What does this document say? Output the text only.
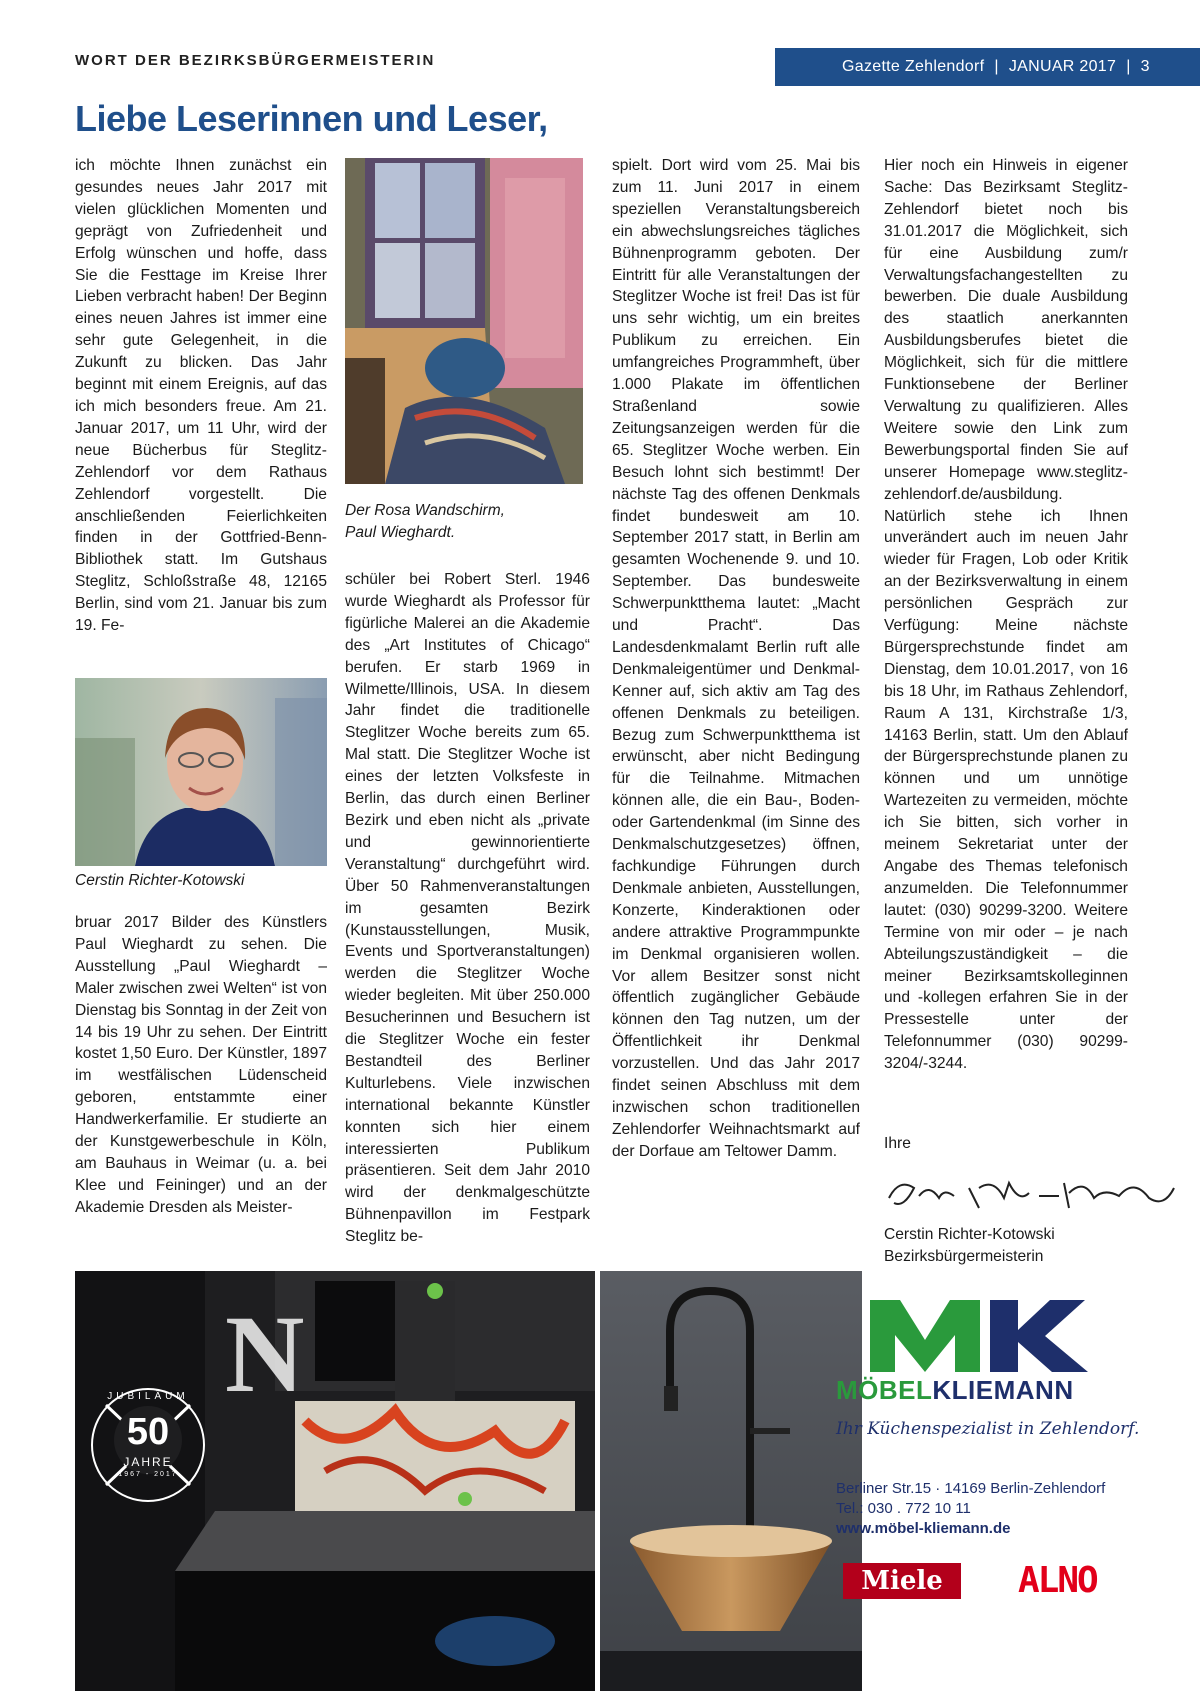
WORT DER BEZIRKSBÜRGERMEISTERIN	Gazette Zehlendorf | JANUAR 2017 | 3
Liebe Leserinnen und Leser,

ich möchte Ihnen zunächst ein gesundes neues Jahr 2017 mit vielen glücklichen Momenten und geprägt von Zufriedenheit und Erfolg wünschen und hoffe, dass Sie die Festtage im Kreise Ihrer Lieben verbracht haben! Der Beginn eines neuen Jahres ist immer eine sehr gute Gelegenheit, in die Zukunft zu blicken. Das Jahr beginnt mit einem Ereignis, auf das ich mich besonders freue. Am 21. Januar 2017, um 11 Uhr, wird der neue Bücherbus für Steglitz-Zehlendorf vor dem Rathaus Zehlendorf vorgestellt. Die anschließenden Feierlichkeiten finden in der Gottfried-Benn-Bibliothek statt. Im Gutshaus Steglitz, Schloßstraße 48, 12165 Berlin, sind vom 21. Januar bis zum 19. Fe-

Cerstin Richter-Kotowski

bruar 2017 Bilder des Künstlers Paul Wieghardt zu sehen. Die Ausstellung „Paul Wieghardt – Maler zwischen zwei Welten“ ist von Dienstag bis Sonntag in der Zeit von 14 bis 19 Uhr zu sehen. Der Eintritt kostet 1,50 Euro. Der Künstler, 1897 im westfälischen Lüdenscheid geboren, entstammte einer Handwerkerfamilie. Er studierte an der Kunstgewerbeschule in Köln, am Bauhaus in Weimar (u. a. bei Klee und Feininger) und an der Akademie Dresden als Meister-

Der Rosa Wandschirm,
Paul Wieghardt.

schüler bei Robert Sterl. 1946 wurde Wieghardt als Professor für figürliche Malerei an die Akademie des „Art Institutes of Chicago“ berufen. Er starb 1969 in Wilmette/Illinois, USA. In diesem Jahr findet die traditionelle Steglitzer Woche bereits zum 65. Mal statt. Die Steglitzer Woche ist eines der letzten Volksfeste in Berlin, das durch einen Berliner Bezirk und eben nicht als „private und gewinnorientierte Veranstaltung“ durchgeführt wird. Über 50 Rahmenveranstaltungen im gesamten Bezirk (Kunstausstellungen, Musik, Events und Sportveranstaltungen) werden die Steglitzer Woche wieder begleiten. Mit über 250.000 Besucherinnen und Besuchern ist die Steglitzer Woche ein fester Bestandteil des Berliner Kulturlebens. Viele inzwischen international bekannte Künstler konnten sich hier einem interessierten Publikum präsentieren. Seit dem Jahr 2010 wird der denkmalgeschützte Bühnenpavillon im Festpark Steglitz be-

spielt. Dort wird vom 25. Mai bis zum 11. Juni 2017 in einem speziellen Veranstaltungsbereich ein abwechslungsreiches tägliches Bühnenprogramm geboten. Der Eintritt für alle Veranstaltungen der Steglitzer Woche ist frei! Das ist für uns sehr wichtig, um ein breites Publikum zu erreichen. Ein umfangreiches Programmheft, über 1.000 Plakate im öffentlichen Straßenland sowie Zeitungsanzeigen werden für die 65. Steglitzer Woche werben. Ein Besuch lohnt sich bestimmt! Der nächste Tag des offenen Denkmals findet bundesweit am 10. September 2017 statt, in Berlin am gesamten Wochenende 9. und 10. September. Das bundesweite Schwerpunktthema lautet: „Macht und Pracht“. Das Landesdenkmalamt Berlin ruft alle Denkmaleigentümer und Denkmal-Kenner auf, sich aktiv am Tag des offenen Denkmals zu beteiligen. Bezug zum Schwerpunktthema ist erwünscht, aber nicht Bedingung für die Teilnahme. Mitmachen können alle, die ein Bau-, Boden- oder Gartendenkmal (im Sinne des Denkmalschutzgesetzes) öffnen, fachkundige Führungen durch Denkmale anbieten, Ausstellungen, Konzerte, Kinderaktionen oder andere attraktive Programmpunkte im Denkmal organisieren wollen. Vor allem Besitzer sonst nicht öffentlich zugänglicher Gebäude können den Tag nutzen, um der Öffentlichkeit ihr Denkmal vorzustellen. Und das Jahr 2017 findet seinen Abschluss mit dem inzwischen schon traditionellen Zehlendorfer Weihnachtsmarkt auf der Dorfaue am Teltower Damm.

Hier noch ein Hinweis in eigener Sache: Das Bezirksamt Steglitz-Zehlendorf bietet noch bis 31.01.2017 die Möglichkeit, sich für eine Ausbildung zum/r Verwaltungsfachangestellten zu bewerben. Die duale Ausbildung des staatlich anerkannten Ausbildungsberufes bietet die Möglichkeit, sich für die mittlere Funktionsebene der Berliner Verwaltung zu qualifizieren. Alles Weitere sowie den Link zum Bewerbungsportal finden Sie auf unserer Homepage www.steglitz-zehlendorf.de/ausbildung. Natürlich stehe ich Ihnen unverändert auch im neuen Jahr wieder für Fragen, Lob oder Kritik an der Bezirksverwaltung in einem persönlichen Gespräch zur Verfügung: Meine nächste Bürgersprechstunde findet am Dienstag, dem 10.01.2017, von 16 bis 18 Uhr, im Rathaus Zehlendorf, Raum A 131, Kirchstraße 1/3, 14163 Berlin, statt. Um den Ablauf der Bürgersprechstunde planen zu können und um unnötige Wartezeiten zu vermeiden, möchte ich Sie bitten, sich vorher in meinem Sekretariat unter der Angabe des Themas telefonisch anzumelden. Die Telefonnummer lautet: (030) 90299-3200. Weitere Termine von mir oder – je nach Abteilungszuständigkeit – die meiner Bezirksamtskolleginnen und -kollegen erfahren Sie in der Pressestelle unter der Telefonnummer (030) 90299-3204/-3244.

Ihre
Cerstin Richter-Kotowski
Bezirksbürgermeisterin
N
JUBILÄUM
50
JAHRE
1967 - 2017
MÖBELKLIEMANN
Ihr Küchenspezialist in Zehlendorf.
Berliner Str.15 · 14169 Berlin-Zehlendorf
Tel.: 030 . 772 10 11
www.möbel-kliemann.de
Miele	ALNO
